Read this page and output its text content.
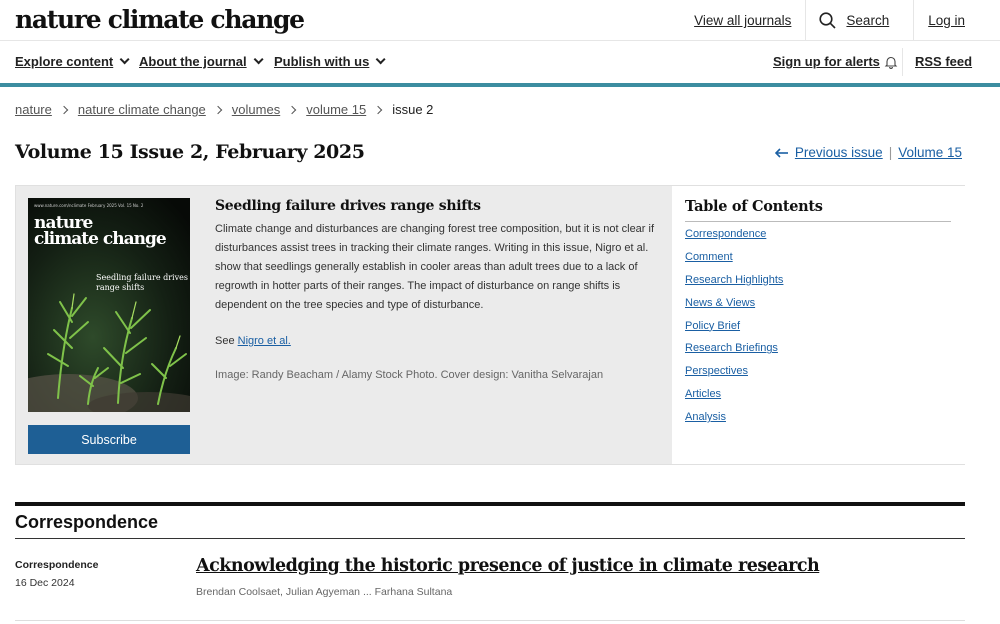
nature climate change	View all journals	Search	Log in
Explore content About the journal Publish with us	Sign up for alerts	RSS feed
nature nature climate change volumes volume 15 issue 2
Volume 15 Issue 2, February 2025	Previous issue | Volume 15
www.nature.com/nclimate February 2025 Vol. 15 No. 2
nature
climate change
Seedling failure drives
range shifts
Subscribe
Seedling failure drives range shifts

Climate change and disturbances are changing forest tree composition, but it is not clear if disturbances assist trees in tracking their climate ranges. Writing in this issue, Nigro et al. show that seedlings generally establish in cooler areas than adult trees due to a lack of regrowth in hotter parts of their ranges. The impact of disturbance on range shifts is dependent on the tree species and type of disturbance.

See Nigro et al.

Image: Randy Beacham / Alamy Stock Photo. Cover design: Vanitha Selvarajan

Table of Contents
Correspondence
Comment
Research Highlights
News & Views
Policy Brief
Research Briefings
Perspectives
Articles
Analysis
Correspondence
Correspondence
16 Dec 2024
Acknowledging the historic presence of justice in climate research
Brendan Coolsaet, Julian Agyeman ... Farhana Sultana
